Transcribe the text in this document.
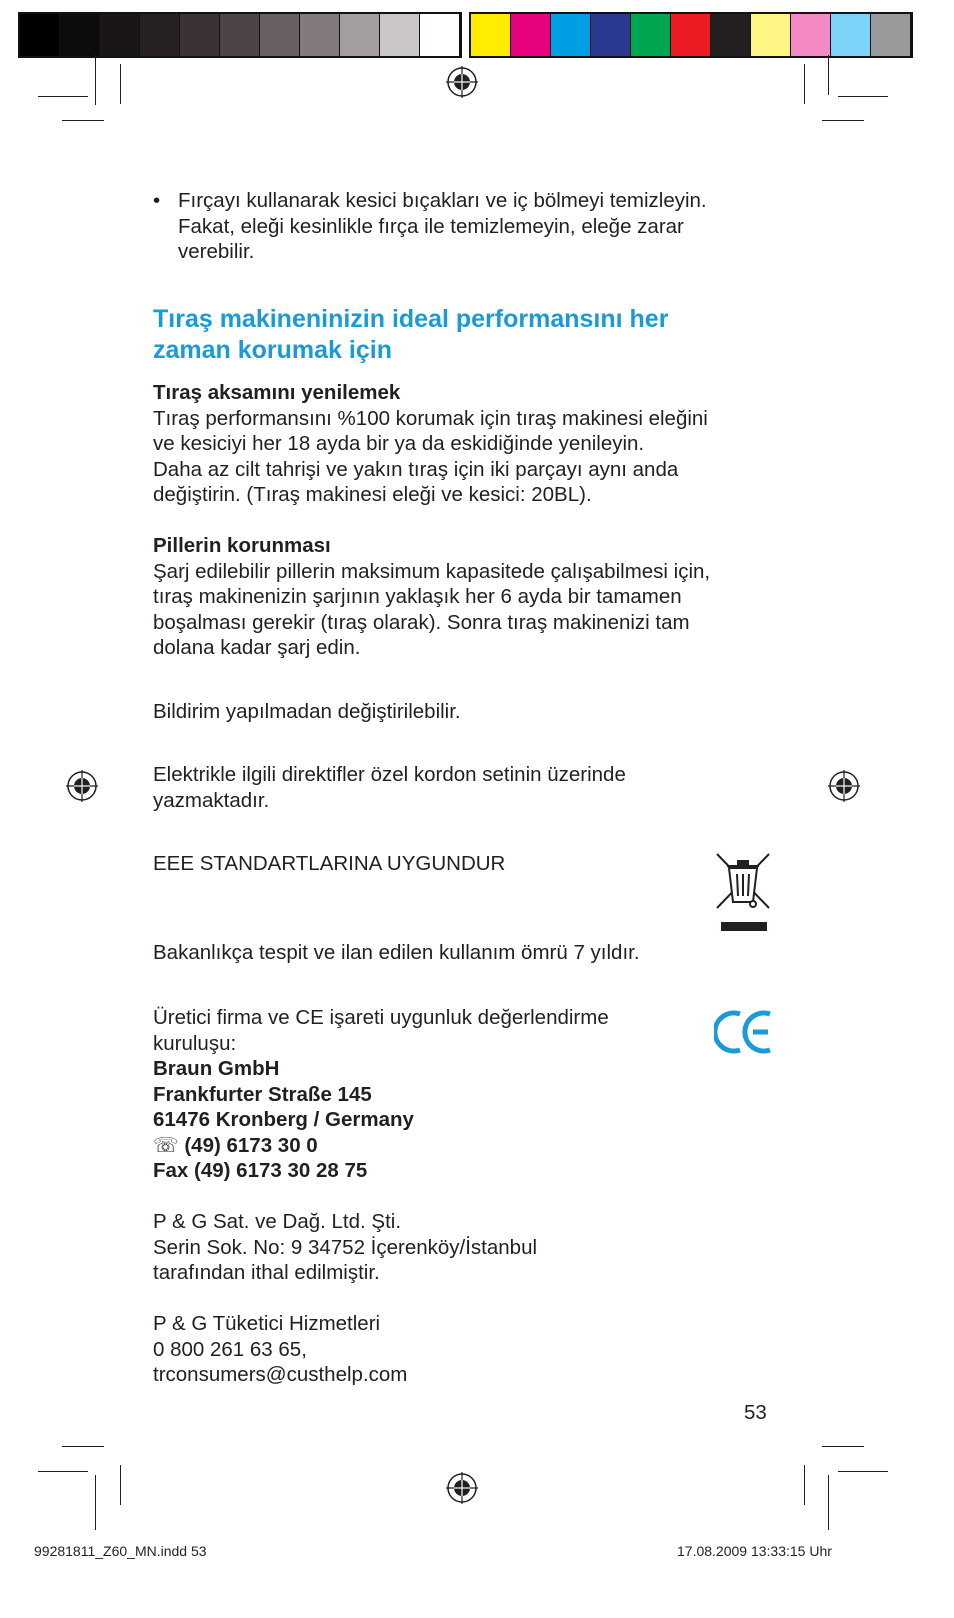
• Fırçayı kullanarak kesici bıçakları ve iç bölmeyi temizleyin.
Fakat, eleği kesinlikle fırça ile temizlemeyin, eleğe zarar
verebilir.
Tıraş makineninizin ideal performansını her
zaman korumak için
Tıraş aksamını yenilemek
Tıraş performansını %100 korumak için tıraş makinesi eleğini
ve kesiciyi her 18 ayda bir ya da eskidiğinde yenileyin.
Daha az cilt tahrişi ve yakın tıraş için iki parçayı aynı anda
değiştirin. (Tıraş makinesi eleği ve kesici: 20BL).
Pillerin korunması
Şarj edilebilir pillerin maksimum kapasitede çalışabilmesi için,
tıraş makinenizin şarjının yaklaşık her 6 ayda bir tamamen
boşalması gerekir (tıraş olarak). Sonra tıraş makinenizi tam
dolana kadar şarj edin.
Bildirim yapılmadan değiştirilebilir.
Elektrikle ilgili direktifler özel kordon setinin üzerinde
yazmaktadır.
EEE STANDARTLARINA UYGUNDUR
Bakanlıkça tespit ve ilan edilen kullanım ömrü 7 yıldır.
Üretici firma ve CE işareti uygunluk değerlendirme
kuruluşu:
Braun GmbH
Frankfurter Straße 145
61476 Kronberg / Germany
☏ (49) 6173 30 0
Fax (49) 6173 30 28 75
P & G Sat. ve Dağ. Ltd. Şti.
Serin Sok. No: 9 34752 İçerenköy/İstanbul
tarafından ithal edilmiştir.
P & G Tüketici Hizmetleri
0 800 261 63 65,
trconsumers@custhelp.com
53
99281811_Z60_MN.indd 53	17.08.2009 13:33:15 Uhr
